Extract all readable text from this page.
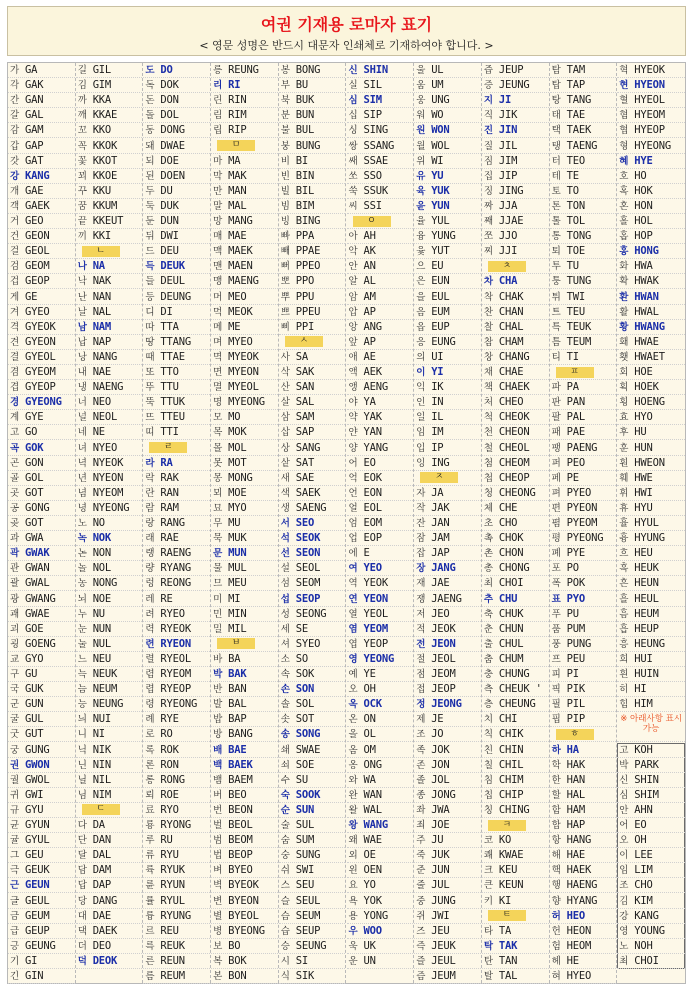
여권 기재용 로마자 표기
< 영문 성명은 반드시 대문자 인쇄체로 기재하여야 합니다. >
가 GA
각 GAK
간 GAN
갈 GAL
감 GAM
갑 GAP
갓 GAT
강 KANG
개 GAE
객 GAEK
거 GEO
건 GEON
걸 GEOL
검 GEOM
겁 GEOP
게 GE
겨 GYEO
격 GYEOK
견 GYEON
결 GYEOL
겸 GYEOM
겹 GYEOP
경 GYEONG
계 GYE
고 GO
곡 GOK
곤 GON
골 GOL
곳 GOT
공 GONG
곶 GOT
과 GWA
곽 GWAK
관 GWAN
괄 GWAL
광 GWANG
괘 GWAE
괴 GOE
굉 GOENG
교 GYO
구 GU
국 GUK
군 GUN
굴 GUL
굿 GUT
궁 GUNG
권 GWON
궐 GWOL
귀 GWI
규 GYU
균 GYUN
귤 GYUL
그 GEU
극 GEUK
근 GEUN
글 GEUL
금 GEUM
급 GEUP
긍 GEUNG
기 GI
긴 GIN
길 GIL
김 GIM
까 KKA
깨 KKAE
꼬 KKO
꼭 KKOK
꽃 KKOT
꾀 KKOE
꾸 KKU
꿈 KKUM
끝 KKEUT
끼 KKI
ㄴ
나 NA
낙 NAK
난 NAN
날 NAL
남 NAM
납 NAP
낭 NANG
내 NAE
냉 NAENG
너 NEO
널 NEOL
네 NE
녀 NYEO
녁 NYEOK
년 NYEON
념 NYEOM
녕 NYEONG
노 NO
녹 NOK
논 NON
놀 NOL
농 NONG
뇌 NOE
누 NU
눈 NUN
눌 NUL
느 NEU
늑 NEUK
늠 NEUM
능 NEUNG
늬 NUI
니 NI
닉 NIK
닌 NIN
닐 NIL
님 NIM
ㄷ
다 DA
단 DAN
달 DAL
담 DAM
답 DAP
당 DANG
대 DAE
댁 DAEK
더 DEO
덕 DEOK
도 DO
독 DOK
돈 DON
돌 DOL
동 DONG
돼 DWAE
되 DOE
된 DOEN
두 DU
둑 DUK
둔 DUN
뒤 DWI
드 DEU
득 DEUK
들 DEUL
등 DEUNG
디 DI
따 TTA
땅 TTANG
때 TTAE
또 TTO
뚜 TTU
뚝 TTUK
뜨 TTEU
띠 TTI
ㄹ
라 RA
락 RAK
란 RAN
람 RAM
랑 RANG
래 RAE
랭 RAENG
량 RYANG
렁 REONG
레 RE
려 RYEO
력 RYEOK
련 RYEON
렬 RYEOL
렴 RYEOM
렵 RYEOP
령 RYEONG
례 RYE
로 RO
록 ROK
론 RON
롱 RONG
뢰 ROE
료 RYO
룡 RYONG
루 RU
류 RYU
륙 RYUK
륜 RYUN
률 RYUL
륭 RYUNG
르 REU
륵 REUK
른 REUN
름 REUM
릉 REUNG
리 RI
린 RIN
림 RIM
립 RIP
ㅁ
마 MA
막 MAK
만 MAN
말 MAL
망 MANG
매 MAE
맥 MAEK
맨 MAEN
맹 MAENG
머 MEO
먹 MEOK
메 ME
며 MYEO
멱 MYEOK
면 MYEON
멸 MYEOL
명 MYEONG
모 MO
목 MOK
몰 MOL
못 MOT
몽 MONG
뫼 MOE
묘 MYO
무 MU
묵 MUK
문 MUN
물 MUL
므 MEU
미 MI
민 MIN
밀 MIL
ㅂ
바 BA
박 BAK
반 BAN
발 BAL
밥 BAP
방 BANG
배 BAE
백 BAEK
뱀 BAEM
버 BEO
번 BEON
벌 BEOL
범 BEOM
법 BEOP
벼 BYEO
벽 BYEOK
변 BYEON
별 BYEOL
병 BYEONG
보 BO
복 BOK
본 BON
봉 BONG
부 BU
북 BUK
분 BUN
불 BUL
붕 BUNG
비 BI
빈 BIN
빌 BIL
빔 BIM
빙 BING
빠 PPA
빼 PPAE
뻐 PPEO
뽀 PPO
뿌 PPU
쁘 PPEU
삐 PPI
ㅅ
사 SA
삭 SAK
산 SAN
살 SAL
삼 SAM
삽 SAP
상 SANG
샅 SAT
새 SAE
색 SAEK
생 SAENG
서 SEO
석 SEOK
선 SEON
설 SEOL
섬 SEOM
섭 SEOP
성 SEONG
세 SE
셔 SYEO
소 SO
속 SOK
손 SON
솔 SOL
솟 SOT
송 SONG
쇄 SWAE
쇠 SOE
수 SU
숙 SOOK
순 SUN
술 SUL
숨 SUM
숭 SUNG
쉬 SWI
스 SEU
슬 SEUL
슴 SEUM
습 SEUP
승 SEUNG
시 SI
식 SIK
신 SHIN
실 SIL
심 SIM
십 SIP
싱 SING
쌍 SSANG
쌔 SSAE
쏘 SSO
쑥 SSUK
씨 SSI
ㅇ
아 AH
악 AK
안 AN
알 AL
암 AM
압 AP
앙 ANG
앞 AP
애 AE
액 AEK
앵 AENG
야 YA
약 YAK
얀 YAN
양 YANG
어 EO
억 EOK
언 EON
얼 EOL
엄 EOM
업 EOP
에 E
여 YEO
역 YEOK
연 YEON
열 YEOL
염 YEOM
엽 YEOP
영 YEONG
예 YE
오 OH
옥 OCK
온 ON
올 OL
옴 OM
옹 ONG
와 WA
완 WAN
왈 WAL
왕 WANG
왜 WAE
외 OE
왼 OEN
요 YO
욕 YOK
용 YONG
우 WOO
욱 UK
운 UN
울 UL
움 UM
웅 UNG
워 WO
원 WON
월 WOL
위 WI
유 YU
육 YUK
윤 YUN
율 YUL
융 YUNG
윷 YUT
으 EU
은 EUN
을 EUL
음 EUM
읍 EUP
응 EUNG
의 UI
이 YI
익 IK
인 IN
일 IL
임 IM
입 IP
잉 ING
ㅈ
자 JA
작 JAK
잔 JAN
잠 JAM
잡 JAP
장 JANG
재 JAE
쟁 JAENG
저 JEO
적 JEOK
전 JEON
절 JEOL
점 JEOM
접 JEOP
정 JEONG
제 JE
조 JO
족 JOK
존 JON
졸 JOL
종 JONG
좌 JWA
죄 JOE
주 JU
죽 JUK
준 JUN
줄 JUL
중 JUNG
쥐 JWI
즈 JEU
즉 JEUK
즐 JEUL
즘 JEUM
즙 JEUP
증 JEUNG
지 JI
직 JIK
진 JIN
질 JIL
짐 JIM
집 JIP
징 JING
짜 JJA
째 JJAE
쪼 JJO
찌 JJI
ㅊ
차 CHA
착 CHAK
찬 CHAN
찰 CHAL
참 CHAM
창 CHANG
채 CHAE
책 CHAEK
처 CHEO
척 CHEOK
천 CHEON
철 CHEOL
첨 CHEOM
첩 CHEOP
청 CHEONG
체 CHE
초 CHO
촉 CHOK
촌 CHON
총 CHONG
최 CHOI
추 CHU
축 CHUK
춘 CHUN
출 CHUL
춤 CHUM
충 CHUNG
측 CHEUK '
층 CHEUNG
치 CHI
칙 CHIK
친 CHIN
칠 CHIL
침 CHIM
칩 CHIP
칭 CHING
ㅋ
코 KO
쾌 KWAE
크 KEU
큰 KEUN
키 KI
ㅌ
타 TA
탁 TAK
탄 TAN
탈 TAL
탐 TAM
탑 TAP
탕 TANG
태 TAE
택 TAEK
탱 TAENG
터 TEO
테 TE
토 TO
톤 TON
톨 TOL
통 TONG
퇴 TOE
투 TU
퉁 TUNG
튀 TWI
트 TEU
특 TEUK
틈 TEUM
티 TI
ㅍ
파 PA
판 PAN
팔 PAL
패 PAE
팽 PAENG
퍼 PEO
페 PE
펴 PYEO
편 PYEON
폄 PYEOM
평 PYEONG
폐 PYE
포 PO
폭 POK
표 PYO
푸 PU
품 PUM
풍 PUNG
프 PEU
피 PI
픽 PIK
필 PIL
핍 PIP
ㅎ
하 HA
학 HAK
한 HAN
할 HAL
함 HAM
합 HAP
항 HANG
해 HAE
핵 HAEK
행 HAENG
향 HYANG
허 HEO
헌 HEON
험 HEOM
헤 HE
혀 HYEO
혁 HYEOK
현 HYEON
혈 HYEOL
혐 HYEOM
협 HYEOP
형 HYEONG
혜 HYE
호 HO
혹 HOK
혼 HON
홀 HOL
홉 HOP
홍 HONG
화 HWA
확 HWAK
환 HWAN
활 HWAL
황 HWANG
홰 HWAE
횃 HWAET
회 HOE
획 HOEK
횡 HOENG
효 HYO
후 HU
훈 HUN
훤 HWEON
훼 HWE
휘 HWI
휴 HYU
휼 HYUL
흉 HYUNG
흐 HEU
흑 HEUK
흔 HEUN
흘 HEUL
흠 HEUM
흡 HEUP
흥 HEUNG
희 HUI
흰 HUIN
히 HI
힘 HIM
※ 아래사항 표시가능
고 KOH
박 PARK
신 SHIN
심 SHIM
안 AHN
어 EO
오 OH
이 LEE
임 LIM
조 CHO
김 KIM
강 KANG
영 YOUNG
노 NOH
최 CHOI
